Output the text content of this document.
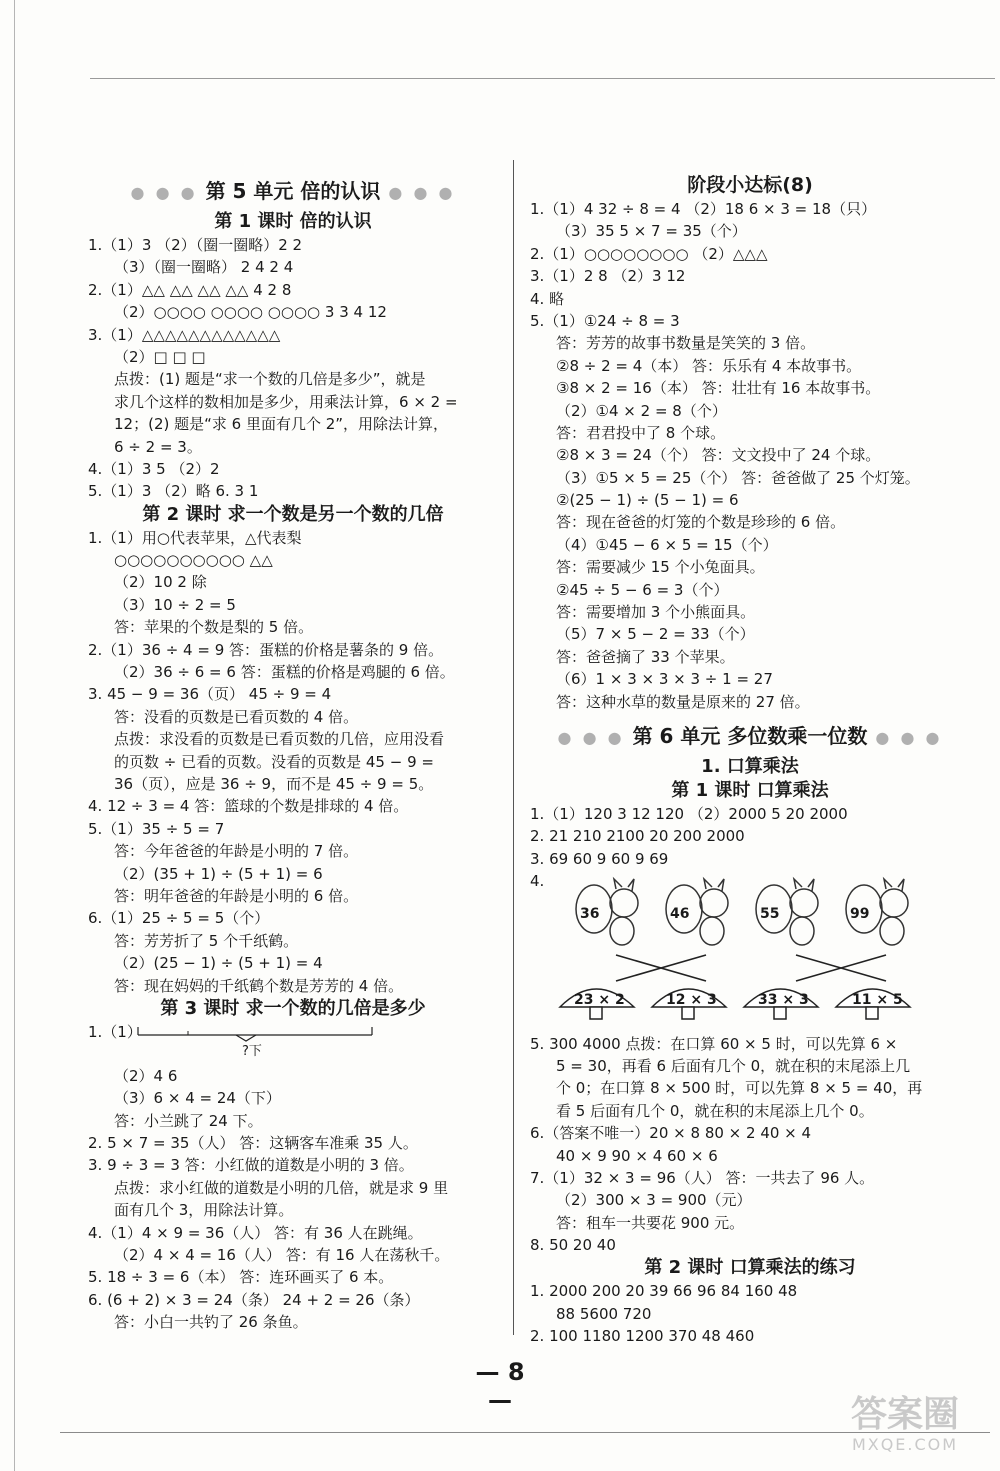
● ● ● 第 5 单元 倍的认识 ● ● ●
第 1 课时 倍的认识
1.（1）3 （2）（圈一圈略）2 2
（3）（圈一圈略） 2 4 2 4
2.（1）△△ △△ △△ △△ 4 2 8
（2）○○○○ ○○○○ ○○○○ 3 3 4 12
3.（1）△△△△△△△△△△△△
（2）□ □ □
点拨：(1) 题是“求一个数的几倍是多少”，就是
求几个这样的数相加是多少，用乘法计算，6 × 2 =
12；(2) 题是“求 6 里面有几个 2”，用除法计算，
6 ÷ 2 = 3。
4.（1）3 5 （2）2
5.（1）3 （2）略 6. 3 1
第 2 课时 求一个数是另一个数的几倍
1.（1）用○代表苹果，△代表梨
○○○○○○○○○○ △△
（2）10 2 除
（3）10 ÷ 2 = 5
答：苹果的个数是梨的 5 倍。
2.（1）36 ÷ 4 = 9 答：蛋糕的价格是薯条的 9 倍。
（2）36 ÷ 6 = 6 答：蛋糕的价格是鸡腿的 6 倍。
3. 45 − 9 = 36（页） 45 ÷ 9 = 4
答：没看的页数是已看页数的 4 倍。
点拨：求没看的页数是已看页数的几倍，应用没看
的页数 ÷ 已看的页数。没看的页数是 45 − 9 =
36（页），应是 36 ÷ 9，而不是 45 ÷ 9 = 5。
4. 12 ÷ 3 = 4 答：篮球的个数是排球的 4 倍。
5.（1）35 ÷ 5 = 7
答：今年爸爸的年龄是小明的 7 倍。
（2）(35 + 1) ÷ (5 + 1) = 6
答：明年爸爸的年龄是小明的 6 倍。
6.（1）25 ÷ 5 = 5（个）
答：芳芳折了 5 个千纸鹤。
（2）(25 − 1) ÷ (5 + 1) = 4
答：现在妈妈的千纸鹤个数是芳芳的 4 倍。
第 3 课时 求一个数的几倍是多少
1.（1）
?下
（2）4 6
（3）6 × 4 = 24（下）
答：小兰跳了 24 下。
2. 5 × 7 = 35（人） 答：这辆客车准乘 35 人。
3. 9 ÷ 3 = 3 答：小红做的道数是小明的 3 倍。
点拨：求小红做的道数是小明的几倍，就是求 9 里
面有几个 3，用除法计算。
4.（1）4 × 9 = 36（人） 答：有 36 人在跳绳。
（2）4 × 4 = 16（人） 答：有 16 人在荡秋千。
5. 18 ÷ 3 = 6（本） 答：连环画买了 6 本。
6. (6 + 2) × 3 = 24（条） 24 + 2 = 26（条）
答：小白一共钓了 26 条鱼。
阶段小达标(8)
1.（1）4 32 ÷ 8 = 4 （2）18 6 × 3 = 18（只）
（3）35 5 × 7 = 35（个）
2.（1）○○○○○○○○ （2）△△△
3.（1）2 8 （2）3 12
4. 略
5.（1）①24 ÷ 8 = 3
答：芳芳的故事书数量是笑笑的 3 倍。
②8 ÷ 2 = 4（本） 答：乐乐有 4 本故事书。
③8 × 2 = 16（本） 答：壮壮有 16 本故事书。
（2）①4 × 2 = 8（个）
答：君君投中了 8 个球。
②8 × 3 = 24（个） 答：文文投中了 24 个球。
（3）①5 × 5 = 25（个） 答：爸爸做了 25 个灯笼。
②(25 − 1) ÷ (5 − 1) = 6
答：现在爸爸的灯笼的个数是珍珍的 6 倍。
（4）①45 − 6 × 5 = 15（个）
答：需要减少 15 个小兔面具。
②45 ÷ 5 − 6 = 3（个）
答：需要增加 3 个小熊面具。
（5）7 × 5 − 2 = 33（个）
答：爸爸摘了 33 个苹果。
（6）1 × 3 × 3 × 3 ÷ 1 = 27
答：这种水草的数量是原来的 27 倍。
● ● ● 第 6 单元 多位数乘一位数 ● ● ●
1. 口算乘法
第 1 课时 口算乘法
1.（1）120 3 12 120 （2）2000 5 20 2000
2. 21 210 2100 20 200 2000
3. 69 60 9 60 9 69
4.
36	46	55	99
23 × 2	12 × 3	33 × 3	11 × 5
5. 300 4000 点拨：在口算 60 × 5 时，可以先算 6 ×
5 = 30，再看 6 后面有几个 0，就在积的末尾添上几
个 0；在口算 8 × 500 时，可以先算 8 × 5 = 40，再
看 5 后面有几个 0，就在积的末尾添上几个 0。
6.（答案不唯一）20 × 8 80 × 2 40 × 4
40 × 9 90 × 4 60 × 6
7.（1）32 × 3 = 96（人） 答：一共去了 96 人。
（2）300 × 3 = 900（元）
答：租车一共要花 900 元。
8. 50 20 40
第 2 课时 口算乘法的练习
1. 2000 200 20 39 66 96 84 160 48
88 5600 720
2. 100 1180 1200 370 48 460
— 8 —	答案圈
MXQE.COM
